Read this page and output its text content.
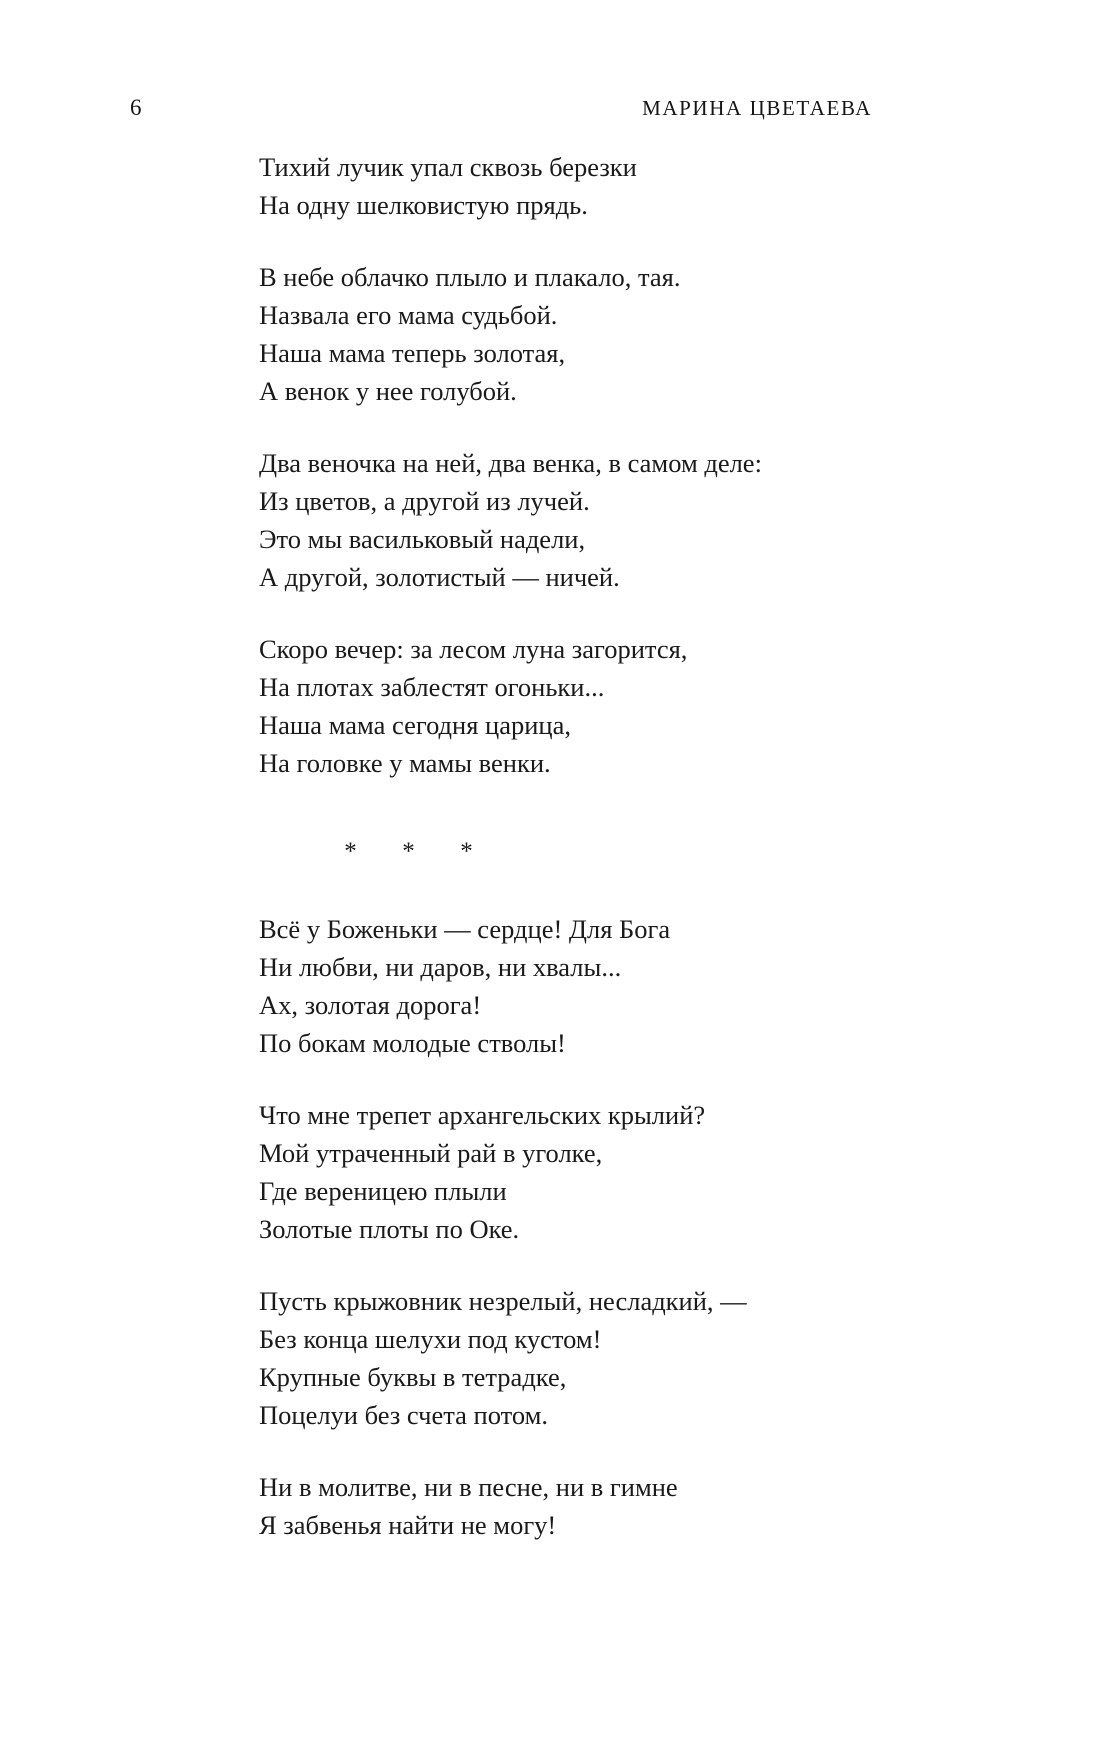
6	МАРИНА ЦВЕТАЕВА
Тихий лучик упал сквозь березки
На одну шелковистую прядь.
В небе облачко плыло и плакало, тая.
Назвала его мама судьбой.
Наша мама теперь золотая,
А венок у нее голубой.
Два веночка на ней, два венка, в самом деле:
Из цветов, а другой из лучей.
Это мы васильковый надели,
А другой, золотистый — ничей.
Скоро вечер: за лесом луна загорится,
На плотах заблестят огоньки...
Наша мама сегодня царица,
На головке у мамы венки.
*  *  *
Всё у Боженьки — сердце! Для Бога
Ни любви, ни даров, ни хвалы...
Ах, золотая дорога!
По бокам молодые стволы!
Что мне трепет архангельских крылий?
Мой утраченный рай в уголке,
Где вереницею плыли
Золотые плоты по Оке.
Пусть крыжовник незрелый, несладкий, —
Без конца шелухи под кустом!
Крупные буквы в тетрадке,
Поцелуи без счета потом.
Ни в молитве, ни в песне, ни в гимне
Я забвенья найти не могу!
